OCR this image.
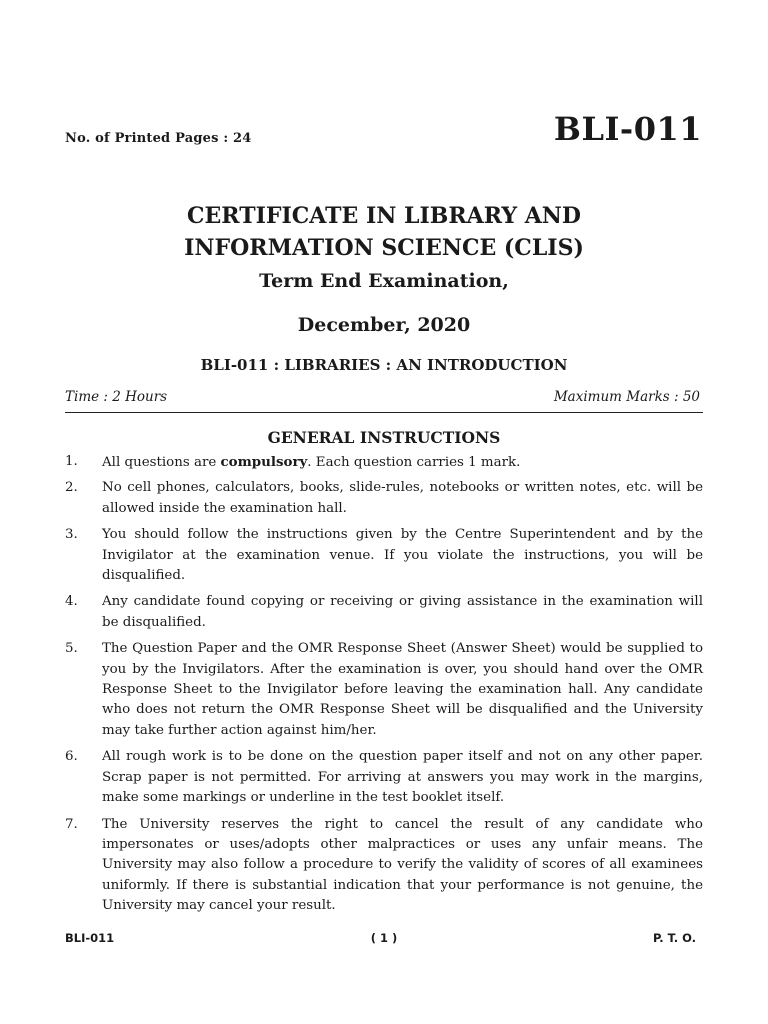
No. of Printed Pages : 24	BLI-011
CERTIFICATE IN LIBRARY AND
INFORMATION SCIENCE (CLIS)
Term End Examination,
December, 2020
BLI-011 : LIBRARIES : AN INTRODUCTION
Time : 2 Hours	Maximum Marks : 50
GENERAL INSTRUCTIONS
1. All questions are compulsory. Each question carries 1 mark.
2. No cell phones, calculators, books, slide-rules, notebooks or written notes, etc. will be allowed inside the examination hall.
3. You should follow the instructions given by the Centre Superintendent and by the Invigilator at the examination venue. If you violate the instructions, you will be disqualified.
4. Any candidate found copying or receiving or giving assistance in the examination will be disqualified.
5. The Question Paper and the OMR Response Sheet (Answer Sheet) would be supplied to you by the Invigilators. After the examination is over, you should hand over the OMR Response Sheet to the Invigilator before leaving the examination hall. Any candidate who does not return the OMR Response Sheet will be disqualified and the University may take further action against him/her.
6. All rough work is to be done on the question paper itself and not on any other paper. Scrap paper is not permitted. For arriving at answers you may work in the margins, make some markings or underline in the test booklet itself.
7. The University reserves the right to cancel the result of any candidate who impersonates or uses/adopts other malpractices or uses any unfair means. The University may also follow a procedure to verify the validity of scores of all examinees uniformly. If there is substantial indication that your performance is not genuine, the University may cancel your result.
BLI-011	( 1 )	P. T. O.
